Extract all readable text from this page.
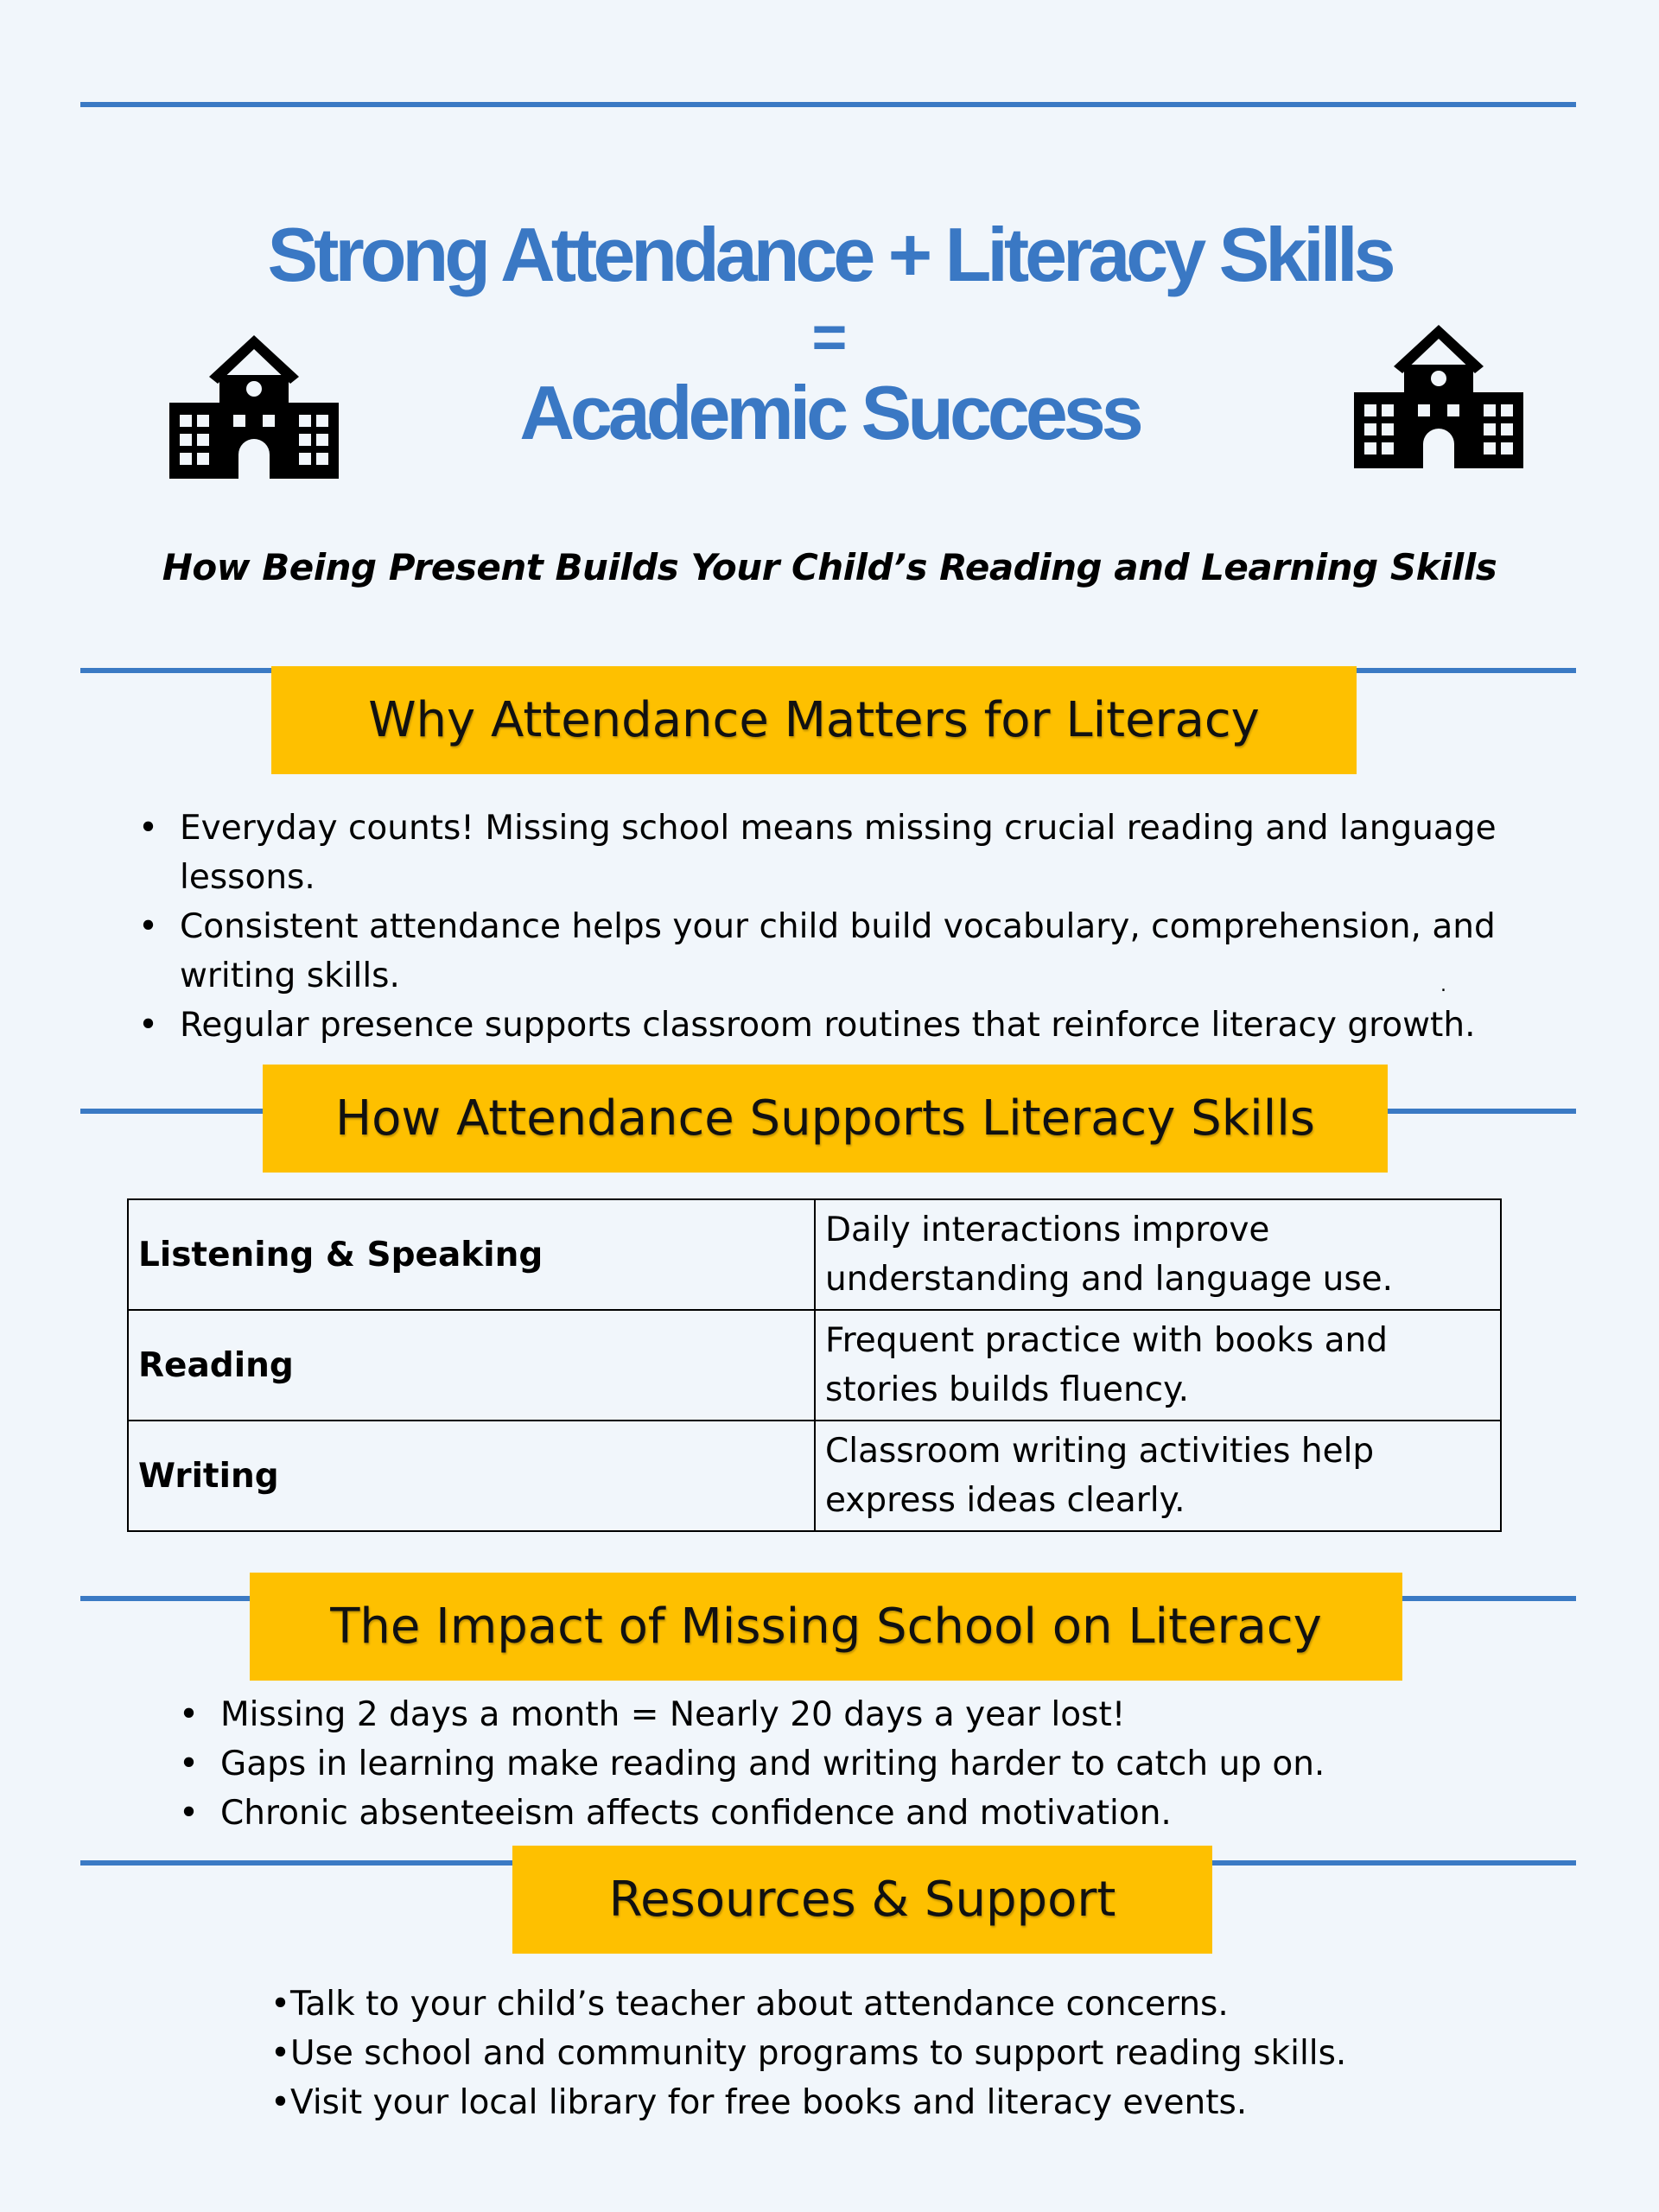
Strong Attendance + Literacy Skills
=
Academic Success
How Being Present Builds Your Child’s Reading and Learning Skills
Why Attendance Matters for Literacy
• Everyday counts! Missing school means missing crucial reading and language lessons.
• Consistent attendance helps your child build vocabulary, comprehension, and writing skills.
• Regular presence supports classroom routines that reinforce literacy growth.
.
How Attendance Supports Literacy Skills
Listening & Speaking	Daily interactions improve understanding and language use.
Reading	Frequent practice with books and stories builds fluency.
Writing	Classroom writing activities help express ideas clearly.
The Impact of Missing School on Literacy
• Missing 2 days a month = Nearly 20 days a year lost!
• Gaps in learning make reading and writing harder to catch up on.
• Chronic absenteeism affects confidence and motivation.
Resources & Support
• Talk to your child’s teacher about attendance concerns.
• Use school and community programs to support reading skills.
• Visit your local library for free books and literacy events.
